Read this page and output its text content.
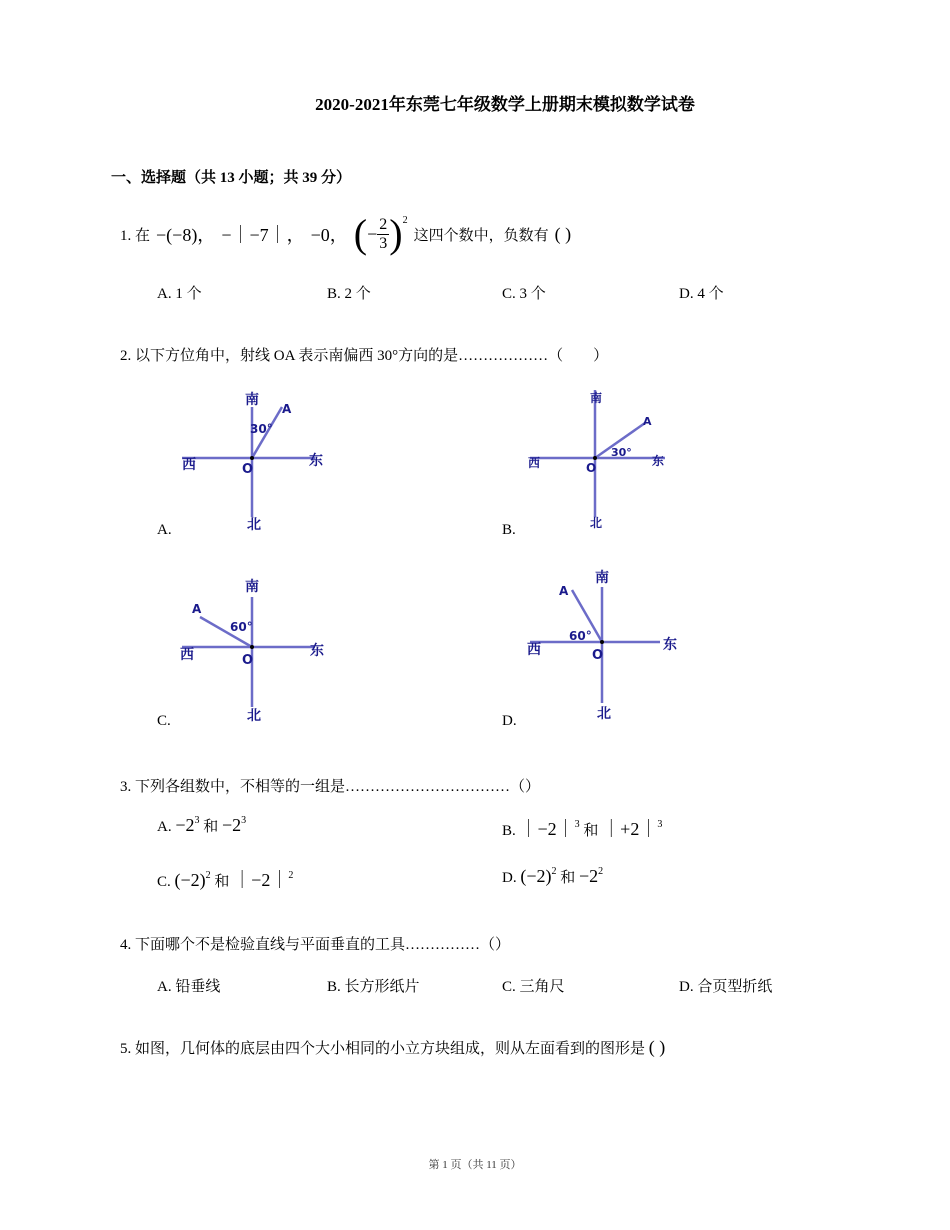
2020-2021年东莞七年级数学上册期末模拟数学试卷
一、选择题（共 13 小题；共 39 分）
1. 在 −(−8)， −｜−7｜， −0， ( − $\frac{2}{3}$ ) 2
这四个数中，负数有 ( )
A. 1 个	B. 2 个	C. 3 个	D. 4 个
2. 以下方位角中，射线 OA 表示南偏西 30°方向的是………………（　　）
南
A
30°
西	O
东
北
A.
南
A
30°
西	O	东
北
B.
南
A
60°
西	O
东
北
C.
南
A
60°
西	O
东
北
D.
3. 下列各组数中，不相等的一组是……………………………（）
A. $-2^3$ 和 $-2^3$
B. ｜−2｜$^3$ 和 ｜+2｜$^3$
C. $(-2)^2$ 和 ｜−2｜$^2$	D. $(-2)^2$ 和 $-2^2$
4. 下面哪个不是检验直线与平面垂直的工具……………（）
A. 铅垂线	B. 长方形纸片	C. 三角尺	D. 合页型折纸
5. 如图，几何体的底层由四个大小相同的小立方块组成，则从左面看到的图形是 ( )
第 1 页（共 11 页）
